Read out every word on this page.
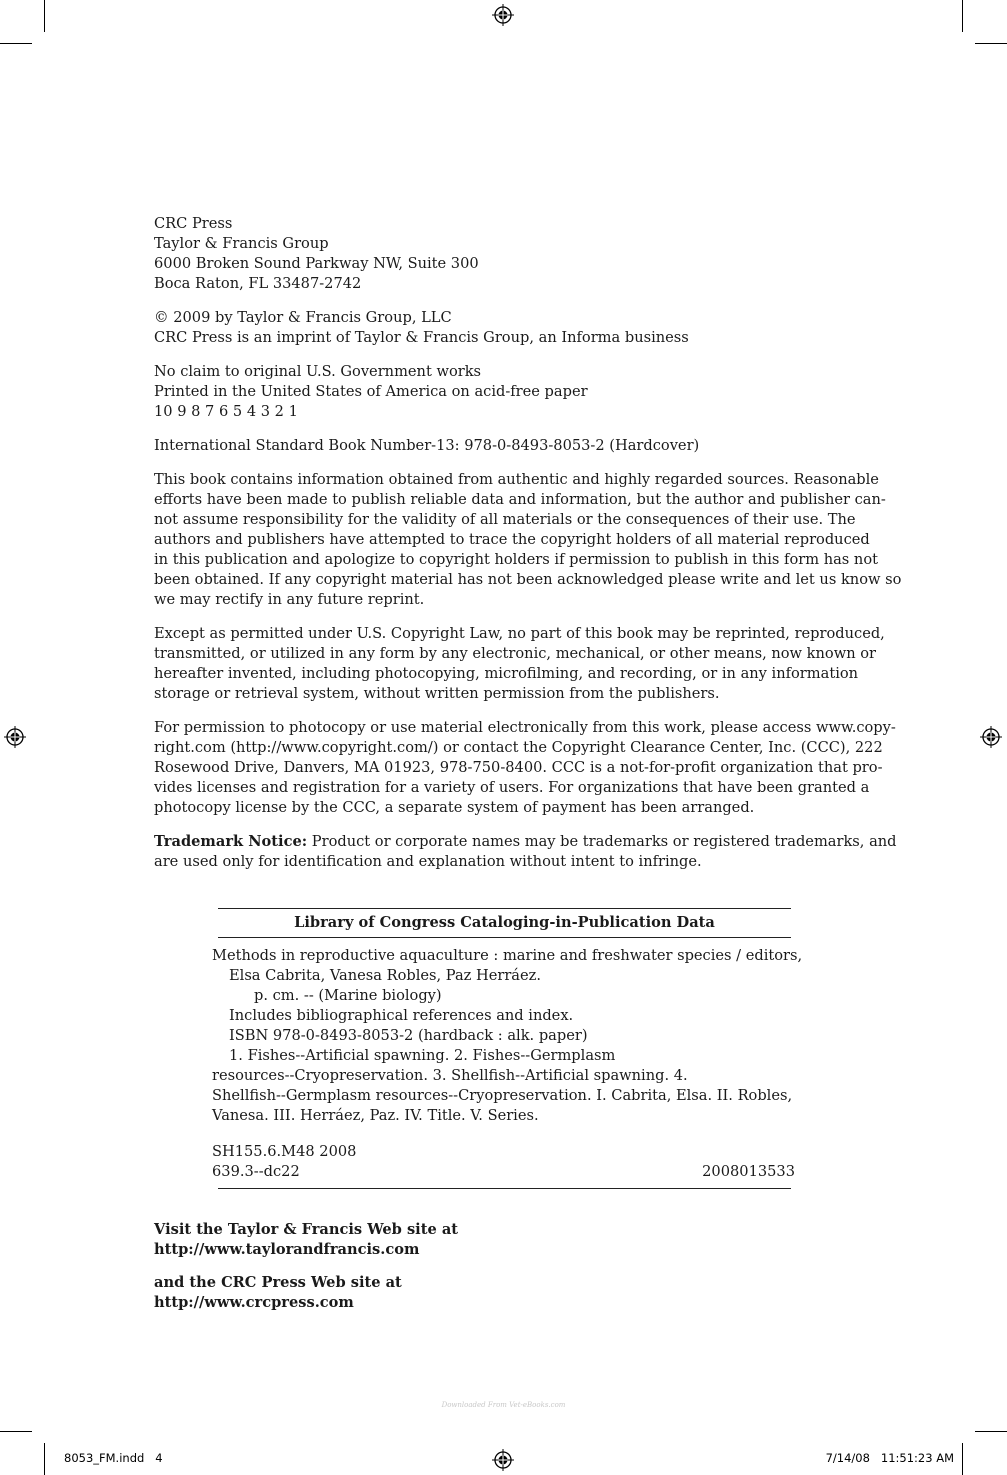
CRC Press
Taylor & Francis Group
6000 Broken Sound Parkway NW, Suite 300
Boca Raton, FL 33487-2742
© 2009 by Taylor & Francis Group, LLC
CRC Press is an imprint of Taylor & Francis Group, an Informa business
No claim to original U.S. Government works
Printed in the United States of America on acid-free paper
10 9 8 7 6 5 4 3 2 1
International Standard Book Number-13: 978-0-8493-8053-2 (Hardcover)
This book contains information obtained from authentic and highly regarded sources. Reasonable
efforts have been made to publish reliable data and information, but the author and publisher can-
not assume responsibility for the validity of all materials or the consequences of their use. The
authors and publishers have attempted to trace the copyright holders of all material reproduced
in this publication and apologize to copyright holders if permission to publish in this form has not
been obtained. If any copyright material has not been acknowledged please write and let us know so
we may rectify in any future reprint.
Except as permitted under U.S. Copyright Law, no part of this book may be reprinted, reproduced,
transmitted, or utilized in any form by any electronic, mechanical, or other means, now known or
hereafter invented, including photocopying, microfilming, and recording, or in any information
storage or retrieval system, without written permission from the publishers.
For permission to photocopy or use material electronically from this work, please access www.copy-
right.com (http://www.copyright.com/) or contact the Copyright Clearance Center, Inc. (CCC), 222
Rosewood Drive, Danvers, MA 01923, 978-750-8400. CCC is a not-for-profit organization that pro-
vides licenses and registration for a variety of users. For organizations that have been granted a
photocopy license by the CCC, a separate system of payment has been arranged.
Trademark Notice: Product or corporate names may be trademarks or registered trademarks, and
are used only for identification and explanation without intent to infringe.
Library of Congress Cataloging-in-Publication Data
Methods in reproductive aquaculture : marine and freshwater species / editors,
Elsa Cabrita, Vanesa Robles, Paz Herráez.
p. cm. -- (Marine biology)
Includes bibliographical references and index.
ISBN 978-0-8493-8053-2 (hardback : alk. paper)
1. Fishes--Artificial spawning. 2. Fishes--Germplasm
resources--Cryopreservation. 3. Shellfish--Artificial spawning. 4.
Shellfish--Germplasm resources--Cryopreservation. I. Cabrita, Elsa. II. Robles,
Vanesa. III. Herráez, Paz. IV. Title. V. Series.
SH155.6.M48 2008
639.3--dc22	2008013533
Visit the Taylor & Francis Web site at
http://www.taylorandfrancis.com
and the CRC Press Web site at
http://www.crcpress.com
Downloaded From Vet-eBooks.com
8053_FM.indd   4	7/14/08   11:51:23 AM
